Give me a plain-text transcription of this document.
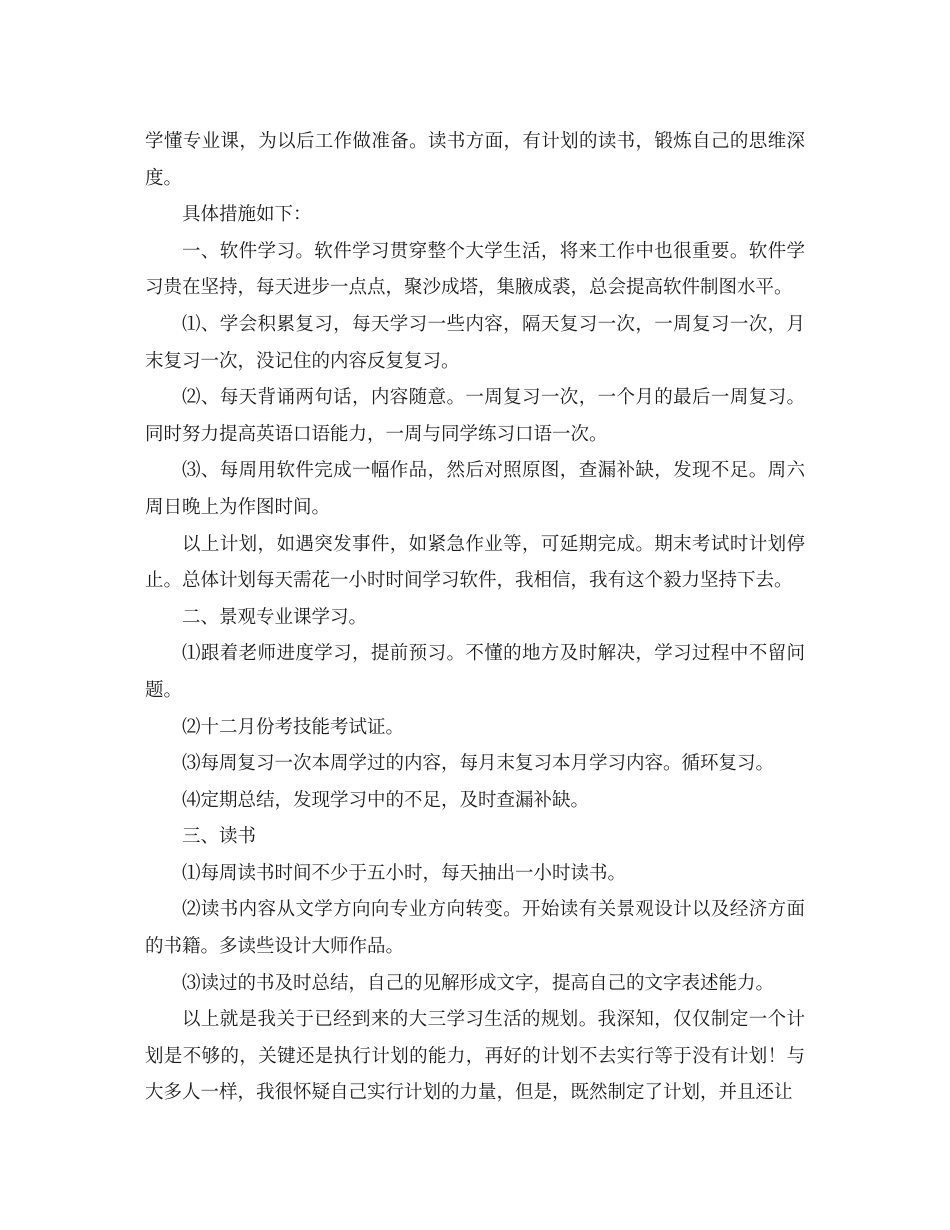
学懂专业课，为以后工作做准备。读书方面，有计划的读书，锻炼自己的思维深度。

具体措施如下：

一、软件学习。软件学习贯穿整个大学生活，将来工作中也很重要。软件学习贵在坚持，每天进步一点点，聚沙成塔，集腋成裘，总会提高软件制图水平。

⑴、学会积累复习，每天学习一些内容，隔天复习一次，一周复习一次，月末复习一次，没记住的内容反复复习。

⑵、每天背诵两句话，内容随意。一周复习一次，一个月的最后一周复习。同时努力提高英语口语能力，一周与同学练习口语一次。

⑶、每周用软件完成一幅作品，然后对照原图，查漏补缺，发现不足。周六周日晚上为作图时间。

以上计划，如遇突发事件，如紧急作业等，可延期完成。期末考试时计划停止。总体计划每天需花一小时时间学习软件，我相信，我有这个毅力坚持下去。

二、景观专业课学习。

⑴跟着老师进度学习，提前预习。不懂的地方及时解决，学习过程中不留问题。

⑵十二月份考技能考试证。

⑶每周复习一次本周学过的内容，每月末复习本月学习内容。循环复习。

⑷定期总结，发现学习中的不足，及时查漏补缺。

三、读书

⑴每周读书时间不少于五小时，每天抽出一小时读书。

⑵读书内容从文学方向向专业方向转变。开始读有关景观设计以及经济方面的书籍。多读些设计大师作品。

⑶读过的书及时总结，自己的见解形成文字，提高自己的文字表述能力。

以上就是我关于已经到来的大三学习生活的规划。我深知，仅仅制定一个计划是不够的，关键还是执行计划的能力，再好的计划不去实行等于没有计划！与大多人一样，我很怀疑自己实行计划的力量，但是，既然制定了计划，并且还让
